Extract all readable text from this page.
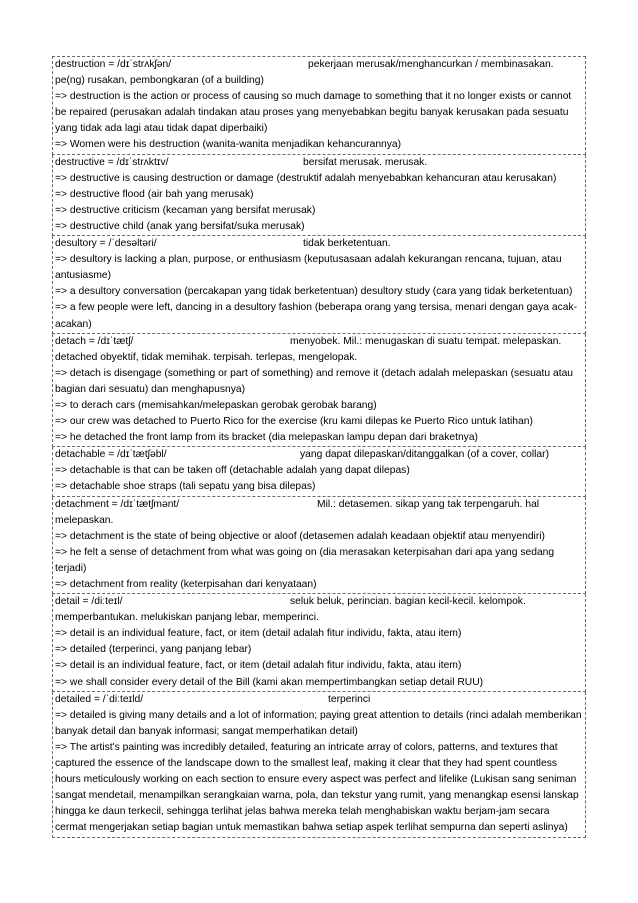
destruction = /dɪˈstrʌkʃən/	pekerjaan merusak/menghancurkan / membinasakan.
pe(ng) rusakan, pembongkaran (of a building)
=> destruction is the action or process of causing so much damage to something that it no longer exists or cannot be repaired (perusakan adalah tindakan atau proses yang menyebabkan begitu banyak kerusakan pada sesuatu yang tidak ada lagi atau tidak dapat diperbaiki)
=> Women were his destruction (wanita-wanita menjadikan kehancurannya)
destructive = /dɪˈstrʌktɪv/	bersifat merusak. merusak.
=> destructive is causing destruction or damage (destruktif adalah menyebabkan kehancuran atau kerusakan)
=> destructive flood (air bah yang merusak)
=> destructive criticism (kecaman yang bersifat merusak)
=> destructive child (anak yang bersifat/suka merusak)
desultory = /ˈdesəltəri/	tidak berketentuan.
=> desultory is lacking a plan, purpose, or enthusiasm (keputusasaan adalah kekurangan rencana, tujuan, atau antusiasme)
=> a desultory conversation (percakapan yang tidak berketentuan) desultory study (cara yang tidak berketentuan)
=> a few people were left, dancing in a desultory fashion (beberapa orang yang tersisa, menari dengan gaya acak-acakan)
detach = /dɪˈtætʃ/	menyobek. Mil.: menugaskan di suatu tempat. melepaskan.
detached obyektif, tidak memihak. terpisah. terlepas, mengelopak.
=> detach is disengage (something or part of something) and remove it (detach adalah melepaskan (sesuatu atau bagian dari sesuatu) dan menghapusnya)
=> to derach cars (memisahkan/melepaskan gerobak gerobak barang)
=> our crew was detached to Puerto Rico for the exercise (kru kami dilepas ke Puerto Rico untuk latihan)
=> he detached the front lamp from its bracket (dia melepaskan lampu depan dari braketnya)
detachable = /dɪˈtætʃəbl/	yang dapat dilepaskan/ditanggalkan (of a cover, collar)
=> detachable is that can be taken off (detachable adalah yang dapat dilepas)
=> detachable shoe straps (tali sepatu yang bisa dilepas)
detachment = /dɪˈtætʃmənt/	Mil.: detasemen. sikap yang tak terpengaruh. hal
melepaskan.
=> detachment is the state of being objective or aloof (detasemen adalah keadaan objektif atau menyendiri)
=> he felt a sense of detachment from what was going on (dia merasakan keterpisahan dari apa yang sedang terjadi)
=> detachment from reality (keterpisahan dari kenyataan)
detail = /diːteɪl/	seluk beluk, perincian. bagian kecil-kecil. kelompok.
memperbantukan. melukiskan panjang lebar, memperinci.
=> detail is an individual feature, fact, or item (detail adalah fitur individu, fakta, atau item)
=> detailed (terperinci, yang panjang lebar)
=> detail is an individual feature, fact, or item (detail adalah fitur individu, fakta, atau item)
=> we shall consider every detail of the Bill (kami akan mempertimbangkan setiap detail RUU)
detailed = /ˈdiːteɪld/	terperinci
=> detailed is giving many details and a lot of information; paying great attention to details (rinci adalah memberikan banyak detail dan banyak informasi; sangat memperhatikan detail)
=> The artist's painting was incredibly detailed, featuring an intricate array of colors, patterns, and textures that captured the essence of the landscape down to the smallest leaf, making it clear that they had spent countless hours meticulously working on each section to ensure every aspect was perfect and lifelike (Lukisan sang seniman sangat mendetail, menampilkan serangkaian warna, pola, dan tekstur yang rumit, yang menangkap esensi lanskap hingga ke daun terkecil, sehingga terlihat jelas bahwa mereka telah menghabiskan waktu berjam-jam secara cermat mengerjakan setiap bagian untuk memastikan bahwa setiap aspek terlihat sempurna dan seperti aslinya)
